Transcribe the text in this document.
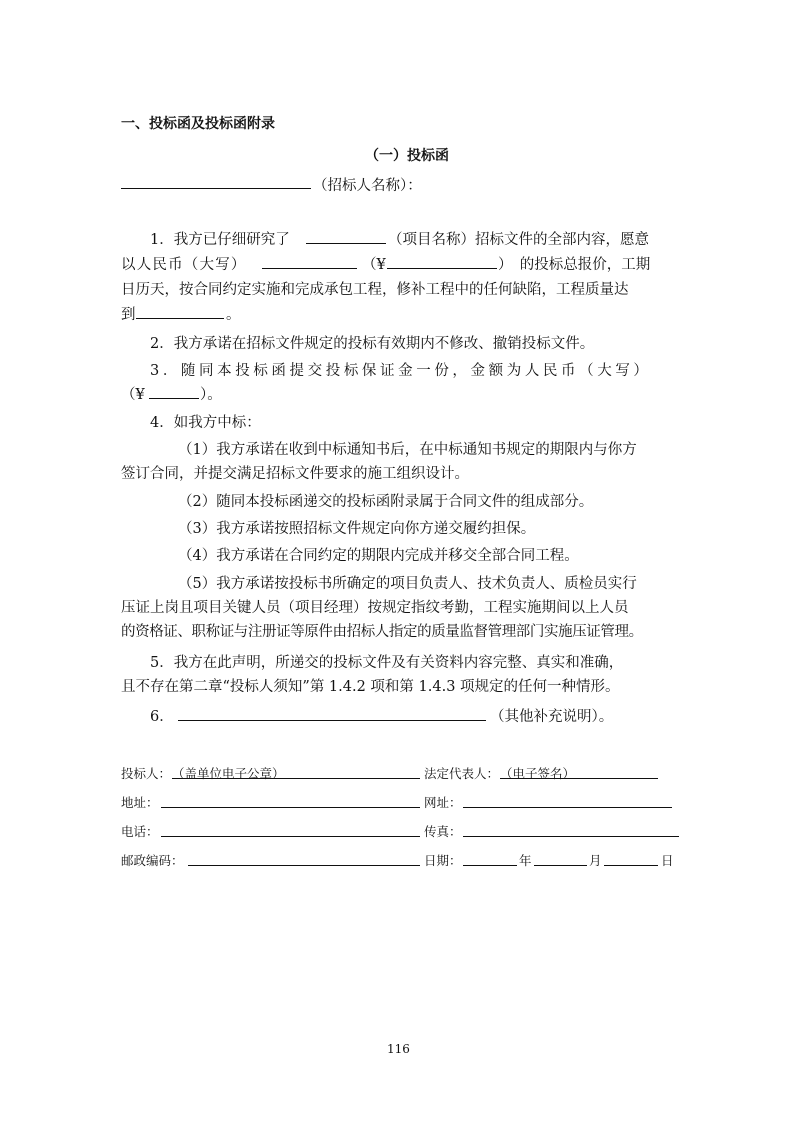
一、投标函及投标函附录
（一）投标函
（招标人名称）：
1．我方已仔细研究了	（项目名称）招标文件的全部内容，愿意
以人民币（大写）	（¥	）　的投标总报价，工期
日历天，按合同约定实施和完成承包工程，修补工程中的任何缺陷，工程质量达
到	。
2．我方承诺在招标文件规定的投标有效期内不修改、撤销投标文件。
3．随同本投标函提交投标保证金一份，金额为人民币（大写）
（¥	）。
4．如我方中标：
（1）我方承诺在收到中标通知书后，在中标通知书规定的期限内与你方
签订合同，并提交满足招标文件要求的施工组织设计。
（2）随同本投标函递交的投标函附录属于合同文件的组成部分。
（3）我方承诺按照招标文件规定向你方递交履约担保。
（4）我方承诺在合同约定的期限内完成并移交全部合同工程。
（5）我方承诺按投标书所确定的项目负责人、技术负责人、质检员实行
压证上岗且项目关键人员（项目经理）按规定指纹考勤，工程实施期间以上人员
的资格证、职称证与注册证等原件由招标人指定的质量监督管理部门实施压证管理。
5．我方在此声明，所递交的投标文件及有关资料内容完整、真实和准确，
且不存在第二章“投标人须知”第 1.4.2 项和第 1.4.3 项规定的任何一种情形。
6．	（其他补充说明）。
投标人： （盖单位电子公章）	法定代表人： （电子签名）
地址：	网址：
电话：	传真：
邮政编码：	日期：	年	月	日
116
